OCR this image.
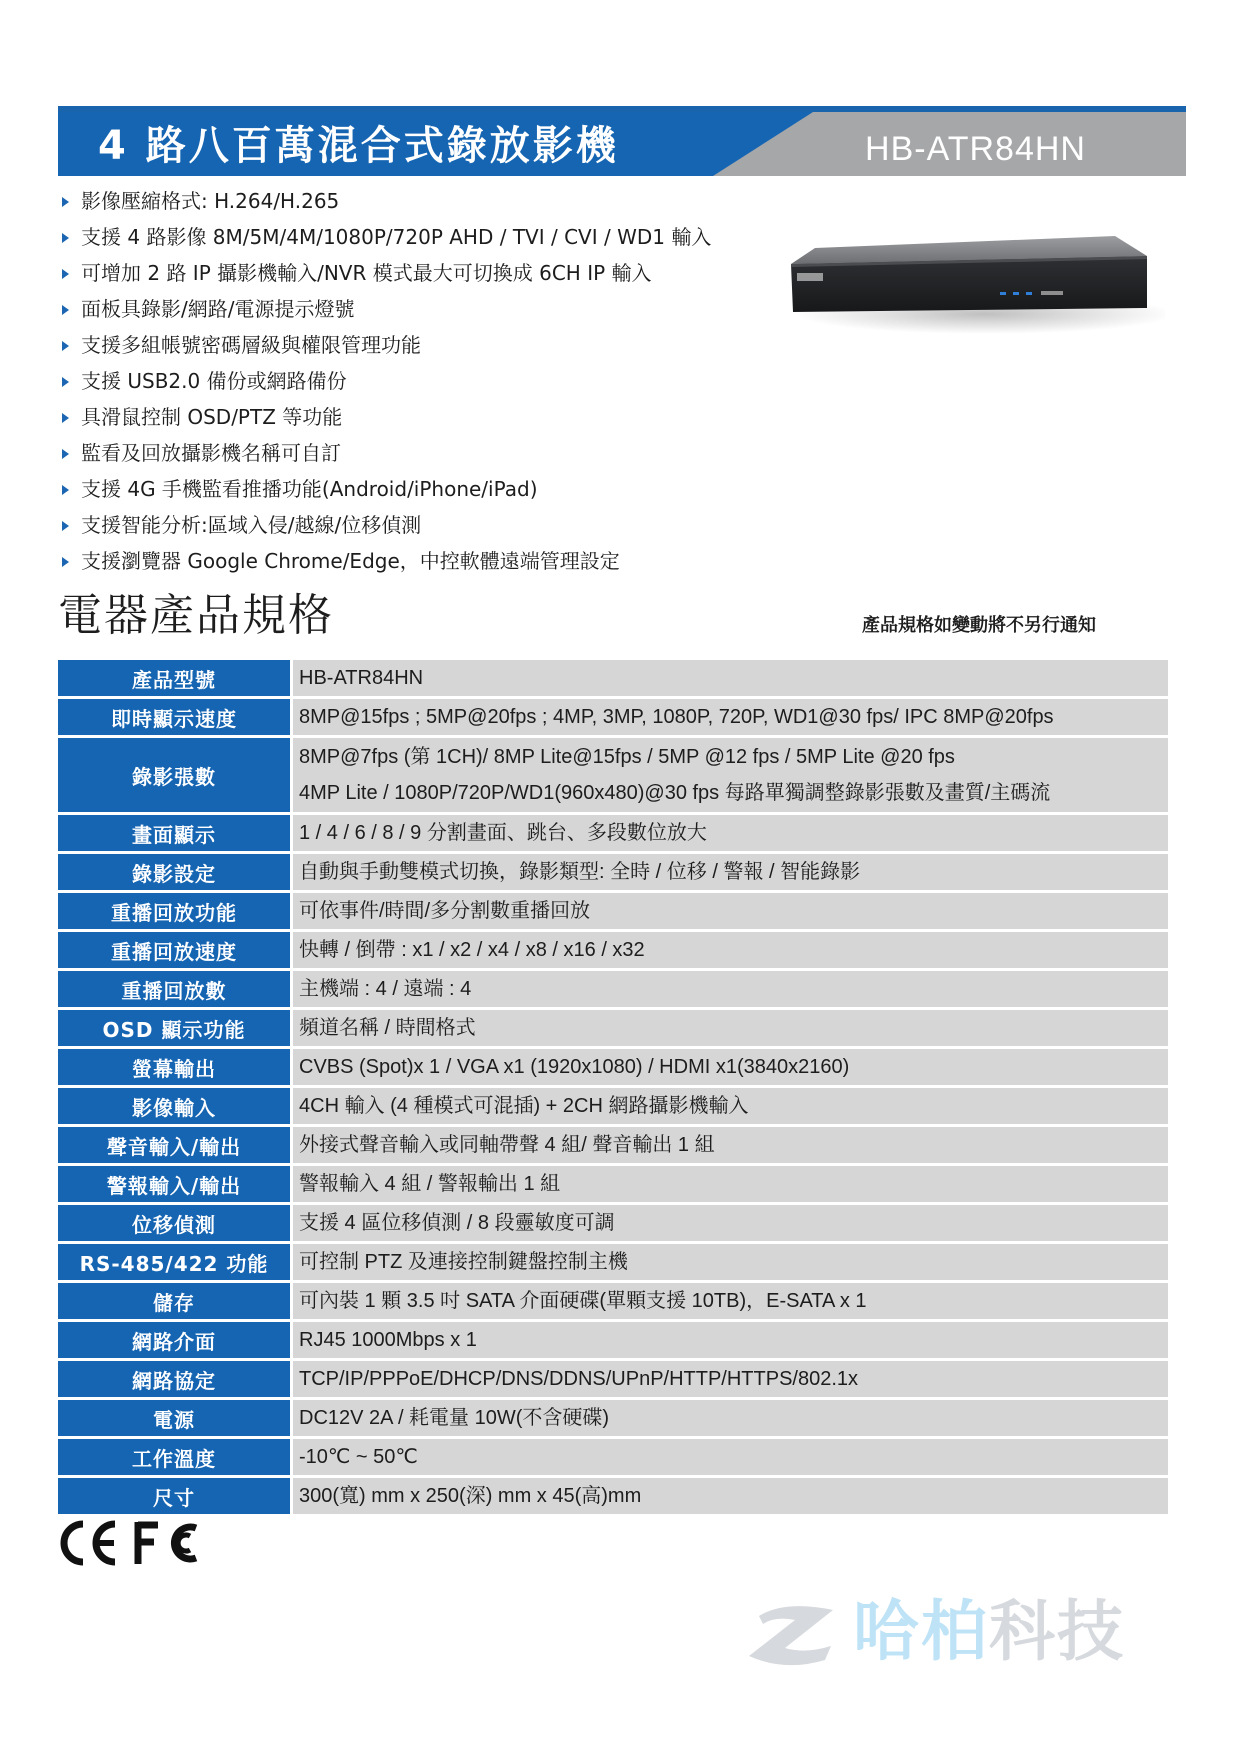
4 路八百萬混合式錄放影機	HB-ATR84HN
影像壓縮格式: H.264/H.265
支援 4 路影像 8M/5M/4M/1080P/720P AHD / TVI / CVI / WD1 輸入
可增加 2 路 IP 攝影機輸入/NVR 模式最大可切換成 6CH IP 輸入
面板具錄影/網路/電源提示燈號
支援多組帳號密碼層級與權限管理功能
支援 USB2.0 備份或網路備份
具滑鼠控制 OSD/PTZ 等功能
監看及回放攝影機名稱可自訂
支援 4G 手機監看推播功能(Android/iPhone/iPad)
支援智能分析:區域入侵/越線/位移偵測
支援瀏覽器 Google Chrome/Edge，中控軟體遠端管理設定
電器產品規格	產品規格如變動將不另行通知
產品型號	HB-ATR84HN

即時顯示速度	8MP@15fps ; 5MP@20fps ; 4MP, 3MP, 1080P, 720P, WD1@30 fps/ IPC 8MP@20fps

錄影張數	8MP@7fps (第 1CH)/ 8MP Lite@15fps / 5MP @12 fps / 5MP Lite @20 fps
4MP Lite / 1080P/720P/WD1(960x480)@30 fps 每路單獨調整錄影張數及畫質/主碼流

畫面顯示	1 / 4 / 6 / 8 / 9 分割畫面、跳台、多段數位放大

錄影設定	自動與手動雙模式切換，錄影類型: 全時 / 位移 / 警報 / 智能錄影

重播回放功能	可依事件/時間/多分割數重播回放

重播回放速度	快轉 / 倒帶 : x1 / x2 / x4 / x8 / x16 / x32

重播回放數	主機端 : 4 / 遠端 : 4

OSD 顯示功能	頻道名稱 / 時間格式

螢幕輸出	CVBS (Spot)x 1 / VGA x1 (1920x1080) / HDMI x1(3840x2160)

影像輸入	4CH 輸入 (4 種模式可混插) + 2CH 網路攝影機輸入

聲音輸入/輸出	外接式聲音輸入或同軸帶聲 4 組/ 聲音輸出 1 組

警報輸入/輸出	警報輸入 4 組 / 警報輸出 1 組

位移偵測	支援 4 區位移偵測 / 8 段靈敏度可調

RS-485/422 功能	可控制 PTZ 及連接控制鍵盤控制主機

儲存	可內裝 1 顆 3.5 吋 SATA 介面硬碟(單顆支援 10TB)，E-SATA x 1

網路介面	RJ45 1000Mbps x 1

網路協定	TCP/IP/PPPoE/DHCP/DNS/DDNS/UPnP/HTTP/HTTPS/802.1x

電源	DC12V 2A / 耗電量 10W(不含硬碟)

工作溫度	-10℃ ~ 50℃

尺寸	300(寬) mm x 250(深) mm x 45(高)mm
哈柏科技
